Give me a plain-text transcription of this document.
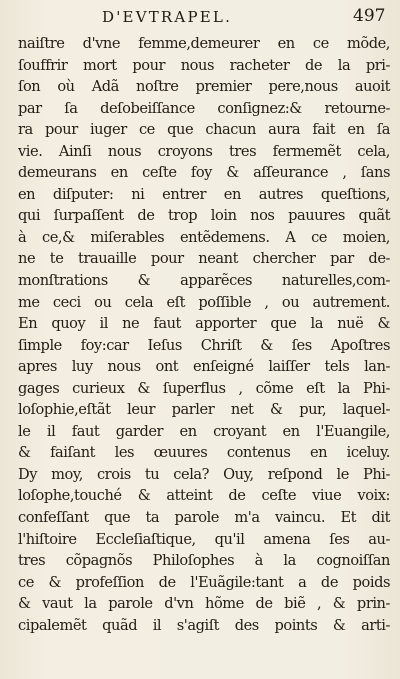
D'EVTRAPEL.	497
naiſtre d'vne femme,demeurer en ce mõde,
ſouffrir mort pour nous racheter de la pri-
ſon où Adã noſtre premier pere,nous auoit
par ſa deſobeiſſance conſignez:& retourne-
ra pour iuger ce que chacun aura fait en ſa
vie. Ainſi nous croyons tres fermemẽt cela,
demeurans en ceſte foy & aſſeurance , ſans
en diſputer: ni entrer en autres queſtions,
qui ſurpaſſent de trop loin nos pauures quãt
à ce,& miſerables entẽdemens. A ce moien,
ne te trauaille pour neant chercher par de-
monſtrations & apparẽces naturelles,com-
me ceci ou cela eſt poſſible , ou autrement.
En quoy il ne faut apporter que la nuë &
ſimple foy:car Ieſus Chriſt & ſes Apoſtres
apres luy nous ont enſeigné laiſſer tels lan-
gages curieux & ſuperflus , cõme eſt la Phi-
loſophie,eſtãt leur parler net & pur, laquel-
le il faut garder en croyant en l'Euangile,
& faiſant les œuures contenus en iceluy.
Dy moy, crois tu cela? Ouy, reſpond le Phi-
loſophe,touché & atteint de ceſte viue voix:
confeſſant que ta parole m'a vaincu. Et dit
l'hiſtoire Eccleſiaſtique, qu'il amena ſes au-
tres cõpagnõs Philoſophes à la cognoiſſan
ce & profeſſion de l'Euãgile:tant a de poids
& vaut la parole d'vn hõme de biẽ , & prin-
cipalemẽt quãd il s'agiſt des points & arti-
